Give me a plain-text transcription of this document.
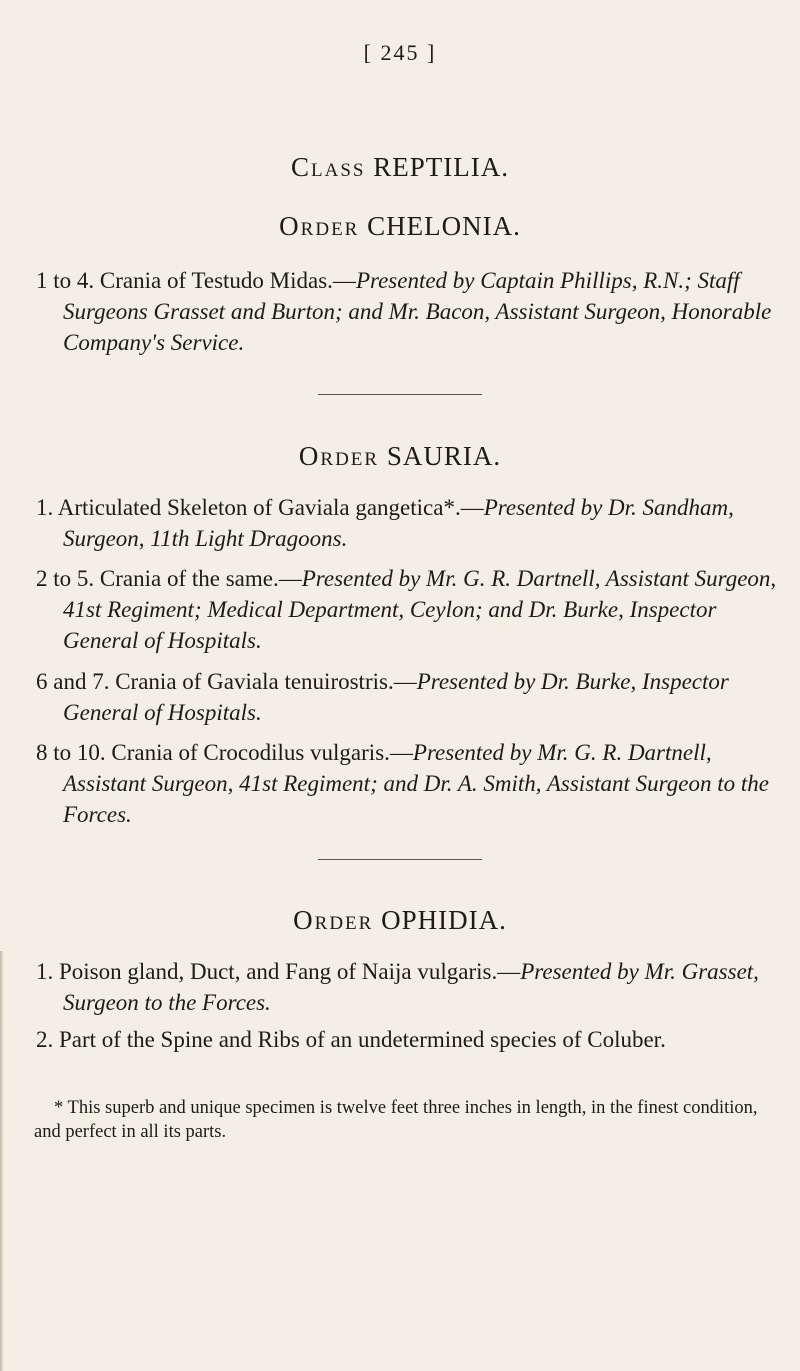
[ 245 ]
Class REPTILIA.
Order CHELONIA.
1 to 4. Crania of Testudo Midas.—Presented by Captain Phillips, R.N.; Staff Surgeons Grasset and Burton; and Mr. Bacon, Assistant Surgeon, Honorable Company's Service.
Order SAURIA.
1. Articulated Skeleton of Gaviala gangetica*.—Presented by Dr. Sandham, Surgeon, 11th Light Dragoons.
2 to 5. Crania of the same.—Presented by Mr. G. R. Dartnell, Assistant Surgeon, 41st Regiment; Medical Department, Ceylon; and Dr. Burke, Inspector General of Hospitals.
6 and 7. Crania of Gaviala tenuirostris.—Presented by Dr. Burke, Inspector General of Hospitals.
8 to 10. Crania of Crocodilus vulgaris.—Presented by Mr. G. R. Dartnell, Assistant Surgeon, 41st Regiment; and Dr. A. Smith, Assistant Surgeon to the Forces.
Order OPHIDIA.
1. Poison gland, Duct, and Fang of Naija vulgaris.—Presented by Mr. Grasset, Surgeon to the Forces.
2. Part of the Spine and Ribs of an undetermined species of Coluber.
* This superb and unique specimen is twelve feet three inches in length, in the finest condition, and perfect in all its parts.
